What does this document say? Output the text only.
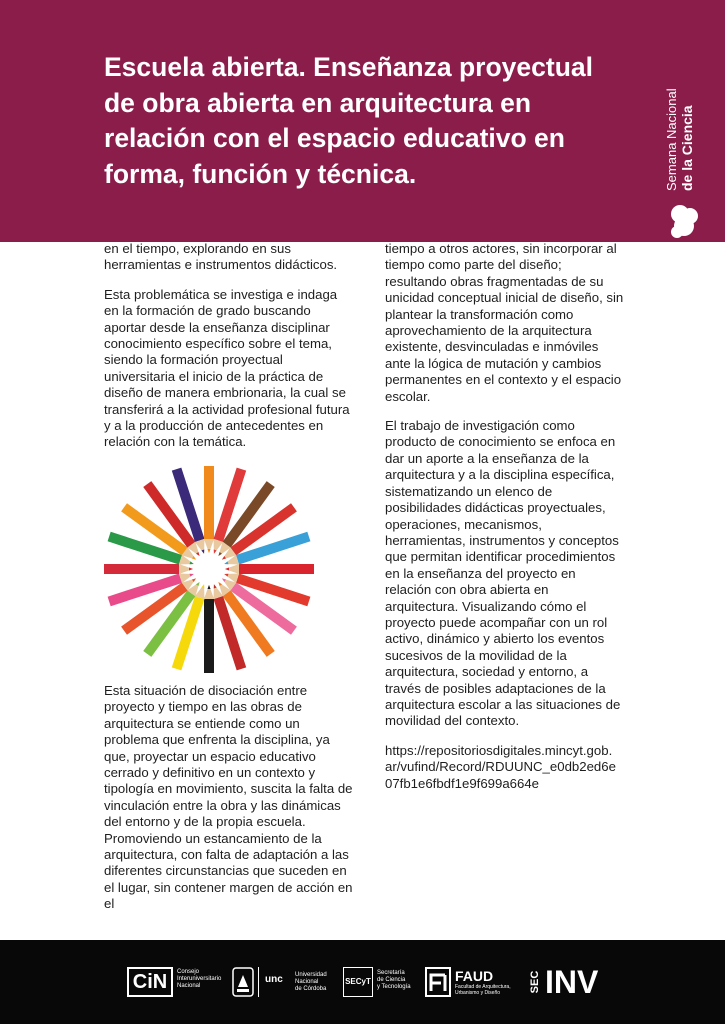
Escuela abierta. Enseñanza proyectual de obra abierta en arquitectura en relación con el espacio educativo en forma, función y técnica.	Semana Nacional de la Ciencia

en el tiempo, explorando en sus herramientas e instrumentos didácticos.

Esta problemática se investiga e indaga en la formación de grado buscando aportar desde la enseñanza disciplinar conocimiento específico sobre el tema, siendo la formación proyectual universitaria el inicio de la práctica de diseño de manera embrionaria, la cual se transferirá a la actividad profesional futura y a la producción de antecedentes en relación con la temática.

Esta situación de disociación entre proyecto y tiempo en las obras de arquitectura se entiende como un problema que enfrenta la disciplina, ya que, proyectar un espacio educativo cerrado y definitivo en un contexto y tipología en movimiento, suscita la falta de vinculación entre la obra y las dinámicas del entorno y de la propia escuela. Promoviendo un estancamiento de la arquitectura, con falta de adaptación a las diferentes circunstancias que suceden en el lugar, sin contener margen de acción en el

tiempo a otros actores, sin incorporar al tiempo como parte del diseño; resultando obras fragmentadas de su unicidad conceptual inicial de diseño, sin plantear la transformación como aprovechamiento de la arquitectura existente, desvinculadas e inmóviles ante la lógica de mutación y cambios permanentes en el contexto y el espacio escolar.

El trabajo de investigación como producto de conocimiento se enfoca en dar un aporte a la enseñanza de la arquitectura y a la disciplina específica, sistematizando un elenco de posibilidades didácticas proyectuales, operaciones, mecanismos, herramientas, instrumentos y conceptos que permitan identificar procedimientos en la enseñanza del proyecto en relación con obra abierta en arquitectura. Visualizando cómo el proyecto puede acompañar con un rol activo, dinámico y abierto los eventos sucesivos de la movilidad de la arquitectura, sociedad y entorno, a través de posibles adaptaciones de la arquitectura escolar a las situaciones de movilidad del contexto.

https://repositoriosdigitales.mincyt.gob.
ar/vufind/Record/RDUUNC_e0db2ed6e
07fb1e6fbdf1e9f699a664e

CiN	Consejo
Interuniversitario
Nacional
unc Universidad
Nacional
de Córdoba
SECyT
Secretaría
de Ciencia
y Tecnología
FAUD
Facultad de Arquitectura,
Urbanismo y Diseño	SEC INV
